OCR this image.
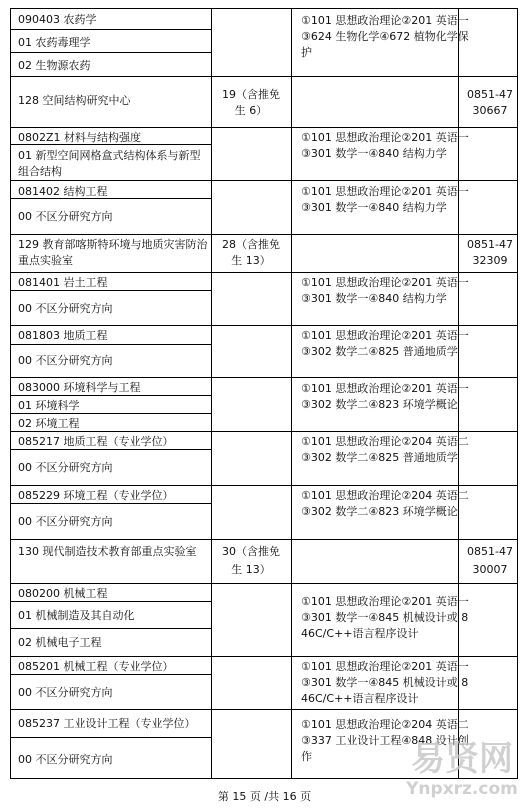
090403 农药学
01 农药毒理学
02 生物源农药
①101 思想政治理论②201 英语一③624 生物化学④672 植物化学保护
128 空间结构研究中心	19（含推免生 6）
0851-4730667
0802Z1 材料与结构强度
01 新型空间网格盒式结构体系与新型组合结构
①101 思想政治理论②201 英语一③301 数学一④840 结构力学
081402 结构工程
00 不区分研究方向
①101 思想政治理论②201 英语一③301 数学一④840 结构力学
129 教育部喀斯特环境与地质灾害防治重点实验室
28（含推免生 13）
0851-4732309
081401 岩土工程
00 不区分研究方向
①101 思想政治理论②201 英语一③301 数学一④840 结构力学
081803 地质工程
00 不区分研究方向
①101 思想政治理论②201 英语一③302 数学二④825 普通地质学
083000 环境科学与工程
01 环境科学
02 环境工程
①101 思想政治理论②201 英语一③302 数学二④823 环境学概论
085217 地质工程（专业学位）
00 不区分研究方向
①101 思想政治理论②204 英语二③302 数学二④825 普通地质学
085229 环境工程（专业学位）
00 不区分研究方向
①101 思想政治理论②204 英语二③302 数学二④823 环境学概论
130 现代制造技术教育部重点实验室	30（含推免生 13）
0851-4730007
080200 机械工程
01 机械制造及其自动化
02 机械电子工程
①101 思想政治理论②201 英语一③301 数学一④845 机械设计或 846C/C++语言程序设计
085201 机械工程（专业学位）
00 不区分研究方向
①101 思想政治理论②201 英语一③301 数学一④845 机械设计或 846C/C++语言程序设计
085237 工业设计工程（专业学位）
00 不区分研究方向
①101 思想政治理论②204 英语二③337 工业设计工程④848 设计创作
第 15 页 /共 16 页
易贤网
Ynpxrz.com
